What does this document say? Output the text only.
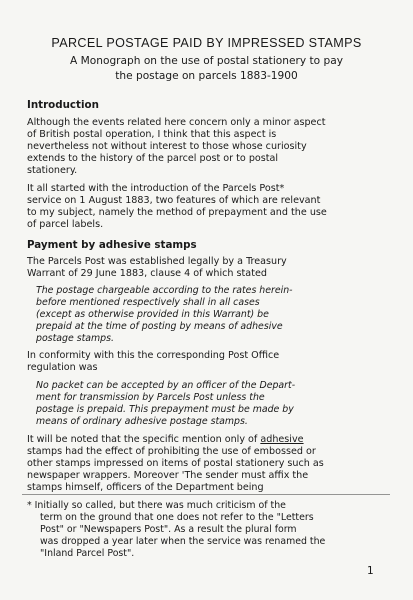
PARCEL POSTAGE PAID BY IMPRESSED STAMPS
A Monograph on the use of postal stationery to pay
the postage on parcels 1883-1900
Introduction
Although the events related here concern only a minor aspect
of British postal operation, I think that this aspect is
nevertheless not without interest to those whose curiosity
extends to the history of the parcel post or to postal
stationery.
It all started with the introduction of the Parcels Post*
service on 1 August 1883, two features of which are relevant
to my subject, namely the method of prepayment and the use
of parcel labels.
Payment by adhesive stamps
The Parcels Post was established legally by a Treasury
Warrant of 29 June 1883, clause 4 of which stated
The postage chargeable according to the rates herein-
before mentioned respectively shall in all cases
(except as otherwise provided in this Warrant) be
prepaid at the time of posting by means of adhesive
postage stamps.
In conformity with this the corresponding Post Office
regulation was
No packet can be accepted by an officer of the Depart-
ment for transmission by Parcels Post unless the
postage is prepaid. This prepayment must be made by
means of ordinary adhesive postage stamps.
It will be noted that the specific mention only of adhesive
stamps had the effect of prohibiting the use of embossed or
other stamps impressed on items of postal stationery such as
newspaper wrappers. Moreover 'The sender must affix the
stamps himself, officers of the Department being
* Initially so called, but there was much criticism of the
term on the ground that one does not refer to the "Letters
Post" or "Newspapers Post". As a result the plural form
was dropped a year later when the service was renamed the
"Inland Parcel Post".
1
